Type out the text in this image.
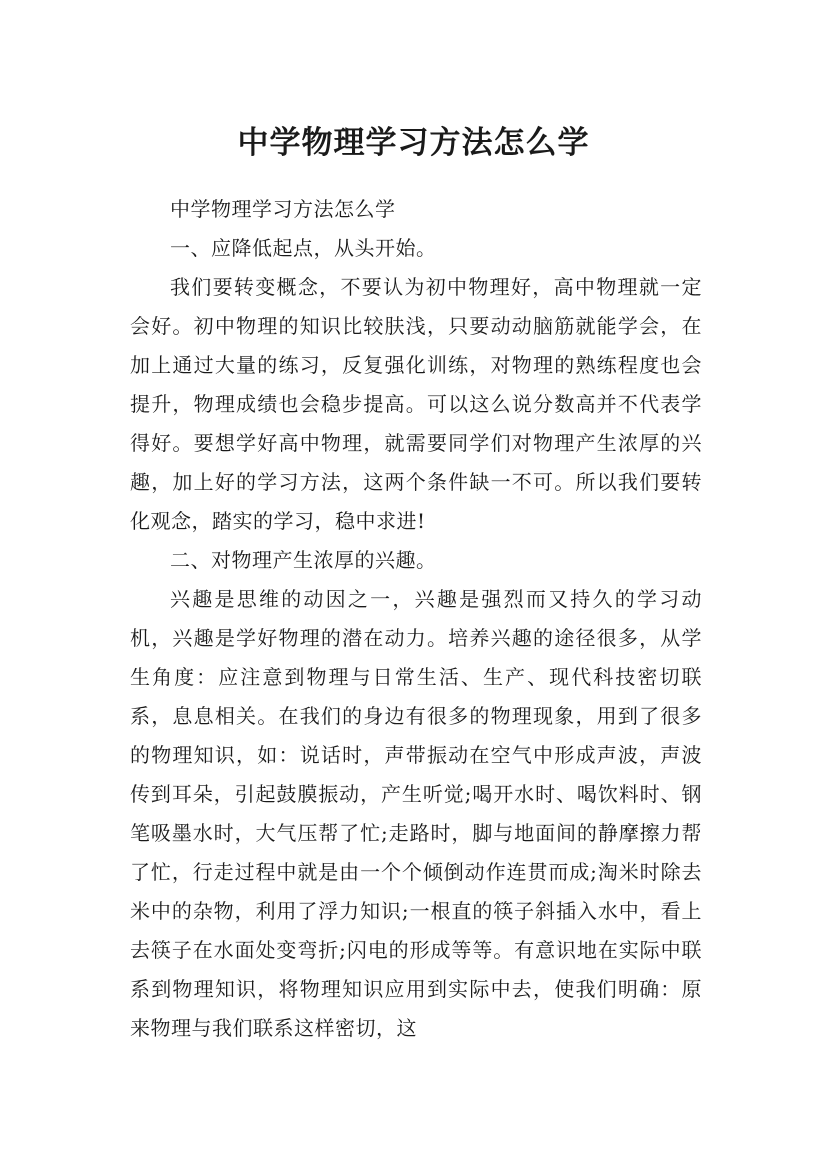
中学物理学习方法怎么学

中学物理学习方法怎么学

一、应降低起点，从头开始。

我们要转变概念，不要认为初中物理好，高中物理就一定会好。初中物理的知识比较肤浅，只要动动脑筋就能学会，在加上通过大量的练习，反复强化训练，对物理的熟练程度也会提升，物理成绩也会稳步提高。可以这么说分数高并不代表学得好。要想学好高中物理，就需要同学们对物理产生浓厚的兴趣，加上好的学习方法，这两个条件缺一不可。所以我们要转化观念，踏实的学习，稳中求进!

二、对物理产生浓厚的兴趣。

兴趣是思维的动因之一，兴趣是强烈而又持久的学习动机，兴趣是学好物理的潜在动力。培养兴趣的途径很多，从学生角度：应注意到物理与日常生活、生产、现代科技密切联系，息息相关。在我们的身边有很多的物理现象，用到了很多的物理知识，如：说话时，声带振动在空气中形成声波，声波传到耳朵，引起鼓膜振动，产生听觉;喝开水时、喝饮料时、钢笔吸墨水时，大气压帮了忙;走路时，脚与地面间的静摩擦力帮了忙，行走过程中就是由一个个倾倒动作连贯而成;淘米时除去米中的杂物，利用了浮力知识;一根直的筷子斜插入水中，看上去筷子在水面处变弯折;闪电的形成等等。有意识地在实际中联系到物理知识，将物理知识应用到实际中去，使我们明确：原来物理与我们联系这样密切，这
